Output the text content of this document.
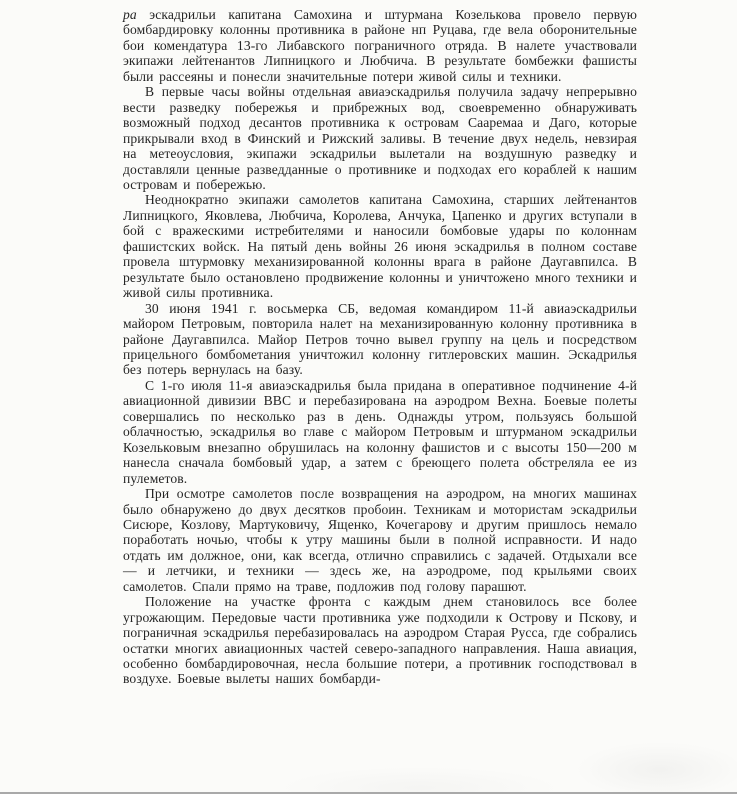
ра эскадрильи капитана Самохина и штурмана Козелькова провело первую бомбардировку колонны противника в районе нп Руцава, где вела оборонительные бои комендатура 13-го Либавского пограничного отряда. В налете участвовали экипажи лейтенантов Липницкого и Любчича. В результате бомбежки фашисты были рассеяны и понесли значительные потери живой силы и техники.

В первые часы войны отдельная авиаэскадрилья получила задачу непрерывно вести разведку побережья и прибрежных вод, своевременно обнаруживать возможный подход десантов противника к островам Сааремаа и Даго, которые прикрывали вход в Финский и Рижский заливы. В течение двух недель, невзирая на метеоусловия, экипажи эскадрильи вылетали на воздушную разведку и доставляли ценные разведданные о противнике и подходах его кораблей к нашим островам и побережью.

Неоднократно экипажи самолетов капитана Самохина, старших лейтенантов Липницкого, Яковлева, Любчича, Королева, Анчука, Цапенко и других вступали в бой с вражескими истребителями и наносили бомбовые удары по колоннам фашистских войск. На пятый день войны 26 июня эскадрилья в полном составе провела штурмовку механизированной колонны врага в районе Даугавпилса. В результате было остановлено продвижение колонны и уничтожено много техники и живой силы противника.

30 июня 1941 г. восьмерка СБ, ведомая командиром 11-й авиаэскадрильи майором Петровым, повторила налет на механизированную колонну противника в районе Даугавпилса. Майор Петров точно вывел группу на цель и посредством прицельного бомбометания уничтожил колонну гитлеровских машин. Эскадрилья без потерь вернулась на базу.

С 1-го июля 11-я авиаэскадрилья была придана в оперативное подчинение 4-й авиационной дивизии ВВС и перебазирована на аэродром Вехна. Боевые полеты совершались по несколько раз в день. Однажды утром, пользуясь большой облачностью, эскадрилья во главе с майором Петровым и штурманом эскадрильи Козельковым внезапно обрушилась на колонну фашистов и с высоты 150—200 м нанесла сначала бомбовый удар, а затем с бреющего полета обстреляла ее из пулеметов.

При осмотре самолетов после возвращения на аэродром, на многих машинах было обнаружено до двух десятков пробоин. Техникам и мотористам эскадрильи Сисюре, Козлову, Мартуковичу, Ященко, Кочегарову и другим пришлось немало поработать ночью, чтобы к утру машины были в полной исправности. И надо отдать им должное, они, как всегда, отлично справились с задачей. Отдыхали все — и летчики, и техники — здесь же, на аэродроме, под крыльями своих самолетов. Спали прямо на траве, подложив под голову парашют.

Положение на участке фронта с каждым днем становилось все более угрожающим. Передовые части противника уже подходили к Острову и Пскову, и пограничная эскадрилья перебазировалась на аэродром Старая Русса, где собрались остатки многих авиационных частей северо-западного направления. Наша авиация, особенно бомбардировочная, несла большие потери, а противник господствовал в воздухе. Боевые вылеты наших бомбарди-
